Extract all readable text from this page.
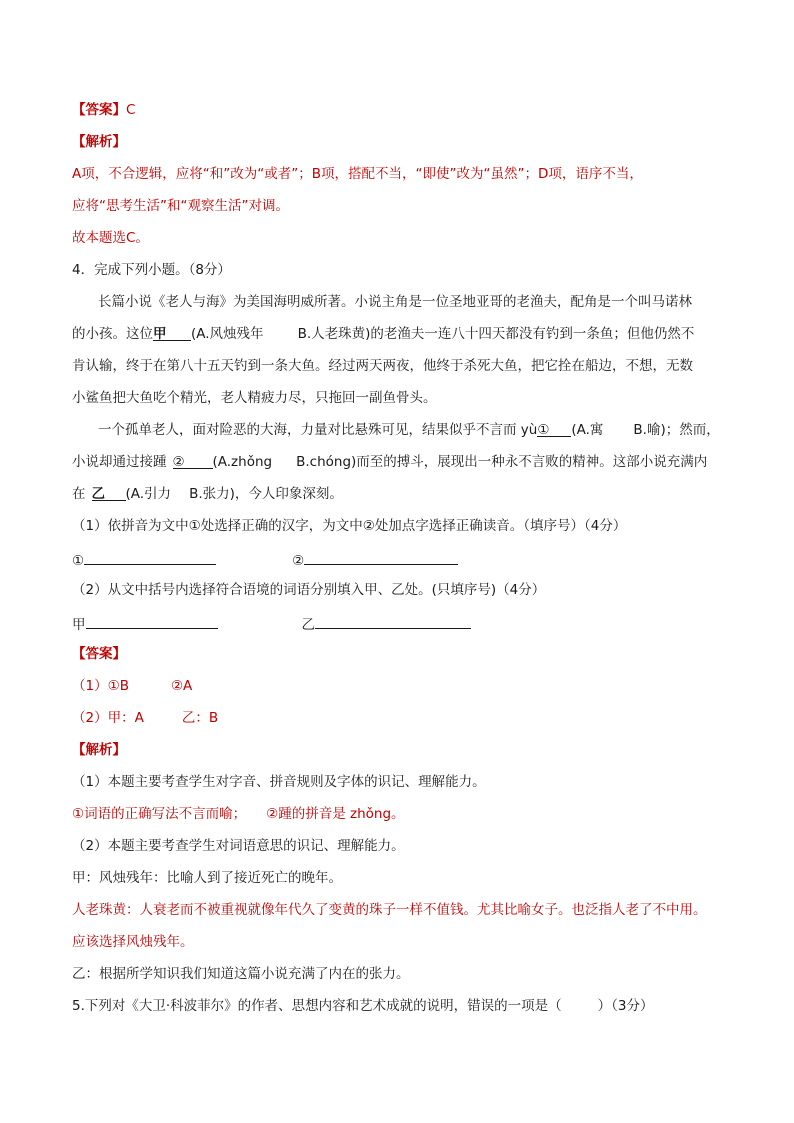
【答案】C
【解析】
A项，不合逻辑，应将“和”改为“或者”；B项，搭配不当，“即使”改为“虽然”；D项，语序不当，
应将“思考生活”和“观察生活”对调。
故本题选C。
4．完成下列小题。（8分）
长篇小说《老人与海》为美国海明威所著。小说主角是一位圣地亚哥的老渔夫，配角是一个叫马诺林
的小孩。这位甲 (A.风烛残年	B.人老珠黄)的老渔夫一连八十四天都没有钓到一条鱼；但他仍然不
肯认输，终于在第八十五天钓到一条大鱼。经过两天两夜，他终于杀死大鱼，把它拴在船边，不想，无数
小鲨鱼把大鱼吃个精光，老人精疲力尽，只拖回一副鱼骨头。
一个孤单老人，面对险恶的大海，力量对比悬殊可见，结果似乎不言而 yù① (A.寓 B.喻)；然而，
小说却通过接踵 ② (A.zhǒng B.chóng)而至的搏斗，展现出一种永不言败的精神。这部小说充满内
在 乙 (A.引力 B.张力)，今人印象深刻。
（1）依拼音为文中①处选择正确的汉字，为文中②处加点字选择正确读音。（填序号）（4分）
①	②
（2）从文中括号内选择符合语境的词语分别填入甲、乙处。(只填序号)（4分）
甲	乙
【答案】
（1）①B	②A
（2）甲：A	乙：B
【解析】
（1）本题主要考查学生对字音、拼音规则及字体的识记、理解能力。
①词语的正确写法不言而喻； ②踵的拼音是 zhǒng。
（2）本题主要考查学生对词语意思的识记、理解能力。
甲：风烛残年：比喻人到了接近死亡的晚年。
人老珠黄：人衰老而不被重视就像年代久了变黄的珠子一样不值钱。尤其比喻女子。也泛指人老了不中用。
应该选择风烛残年。
乙：根据所学知识我们知道这篇小说充满了内在的张力。
5.下列对《大卫·科波菲尔》的作者、思想内容和艺术成就的说明，错误的一项是（	）（3分）
